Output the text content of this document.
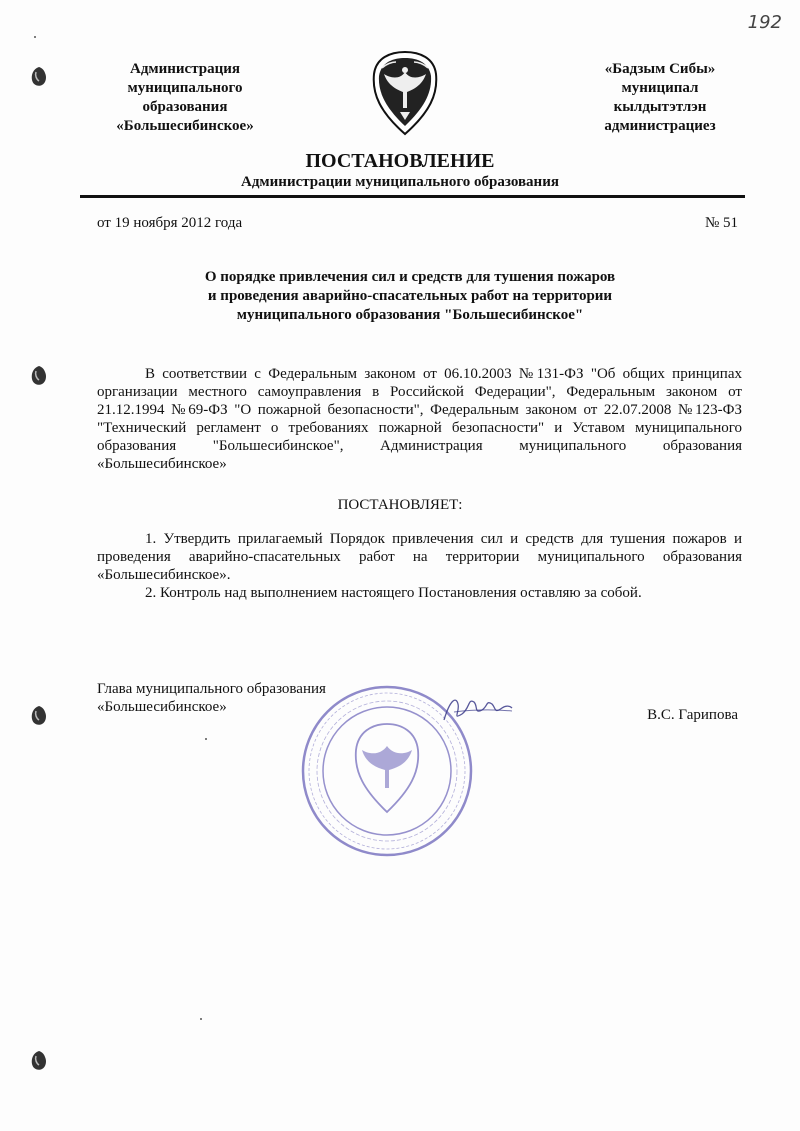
192
Администрация
муниципального
образования
«Большесибинское»
«Бадзым Сибы»
муниципал
кылдытэтлэн
администрациез
ПОСТАНОВЛЕНИЕ
Администрации муниципального образования
от 19 ноября 2012 года	№ 51
О порядке привлечения сил и средств для тушения пожаров
и проведения аварийно-спасательных работ на территории
муниципального образования "Большесибинское"
В соответствии с Федеральным законом от 06.10.2003 №131-ФЗ "Об общих принципах организации местного самоуправления в Российской Федерации", Федеральным законом от 21.12.1994 №69-ФЗ "О пожарной безопасности", Федеральным законом от 22.07.2008 №123-ФЗ "Технический регламент о требованиях пожарной безопасности" и Уставом муниципального образования "Большесибинское", Администрация муниципального образования «Большесибинское»
ПОСТАНОВЛЯЕТ:

1. Утвердить прилагаемый Порядок привлечения сил и средств для тушения пожаров и проведения аварийно-спасательных работ на территории муниципального образования «Большесибинское».

2. Контроль над выполнением настоящего Постановления оставляю за собой.

Глава муниципального образования
«Большесибинское»	В.С. Гарипова
